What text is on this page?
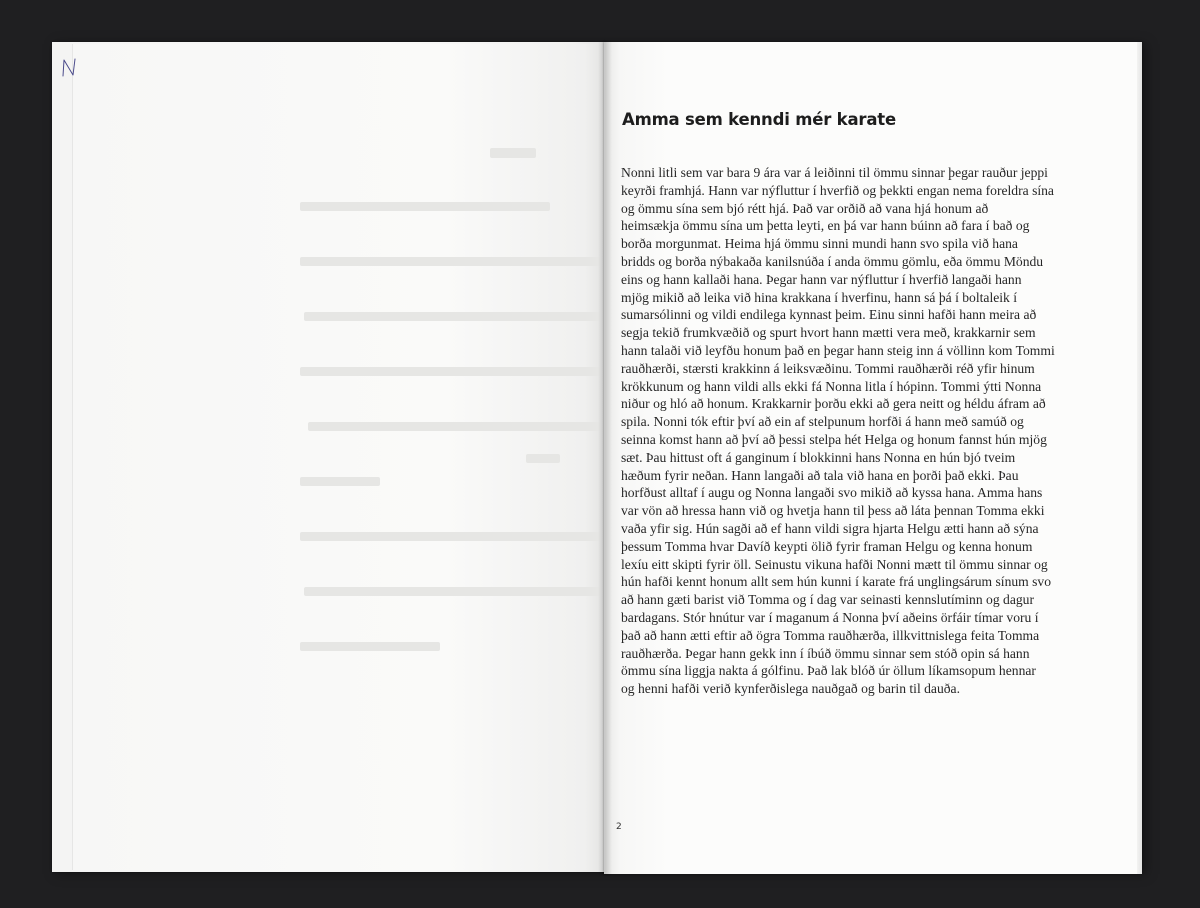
Amma sem kenndi mér karate

Nonni litli sem var bara 9 ára var á leiðinni til ömmu sinnar þegar rauður jeppi
keyrði framhjá. Hann var nýfluttur í hverfið og þekkti engan nema foreldra sína
og ömmu sína sem bjó rétt hjá. Það var orðið að vana hjá honum að
heimsækja ömmu sína um þetta leyti, en þá var hann búinn að fara í bað og
borða morgunmat. Heima hjá ömmu sinni mundi hann svo spila við hana
bridds og borða nýbakaða kanilsnúða í anda ömmu gömlu, eða ömmu Möndu
eins og hann kallaði hana. Þegar hann var nýfluttur í hverfið langaði hann
mjög mikið að leika við hina krakkana í hverfinu, hann sá þá í boltaleik í
sumarsólinni og vildi endilega kynnast þeim. Einu sinni hafði hann meira að
segja tekið frumkvæðið og spurt hvort hann mætti vera með, krakkarnir sem
hann talaði við leyfðu honum það en þegar hann steig inn á völlinn kom Tommi
rauðhærði, stærsti krakkinn á leiksvæðinu. Tommi rauðhærði réð yfir hinum
krökkunum og hann vildi alls ekki fá Nonna litla í hópinn. Tommi ýtti Nonna
niður og hló að honum. Krakkarnir þorðu ekki að gera neitt og héldu áfram að
spila. Nonni tók eftir því að ein af stelpunum horfði á hann með samúð og
seinna komst hann að því að þessi stelpa hét Helga og honum fannst hún mjög
sæt. Þau hittust oft á ganginum í blokkinni hans Nonna en hún bjó tveim
hæðum fyrir neðan. Hann langaði að tala við hana en þorði það ekki. Þau
horfðust alltaf í augu og Nonna langaði svo mikið að kyssa hana. Amma hans
var vön að hressa hann við og hvetja hann til þess að láta þennan Tomma ekki
vaða yfir sig. Hún sagði að ef hann vildi sigra hjarta Helgu ætti hann að sýna
þessum Tomma hvar Davíð keypti ölið fyrir framan Helgu og kenna honum
lexíu eitt skipti fyrir öll. Seinustu vikuna hafði Nonni mætt til ömmu sinnar og
hún hafði kennt honum allt sem hún kunni í karate frá unglingsárum sínum svo
að hann gæti barist við Tomma og í dag var seinasti kennslutíminn og dagur
bardagans. Stór hnútur var í maganum á Nonna því aðeins örfáir tímar voru í
það að hann ætti eftir að ögra Tomma rauðhærða, illkvittnislega feita Tomma
rauðhærða. Þegar hann gekk inn í íbúð ömmu sinnar sem stóð opin sá hann
ömmu sína liggja nakta á gólfinu. Það lak blóð úr öllum líkamsopum hennar
og henni hafði verið kynferðislega nauðgað og barin til dauða.

2
